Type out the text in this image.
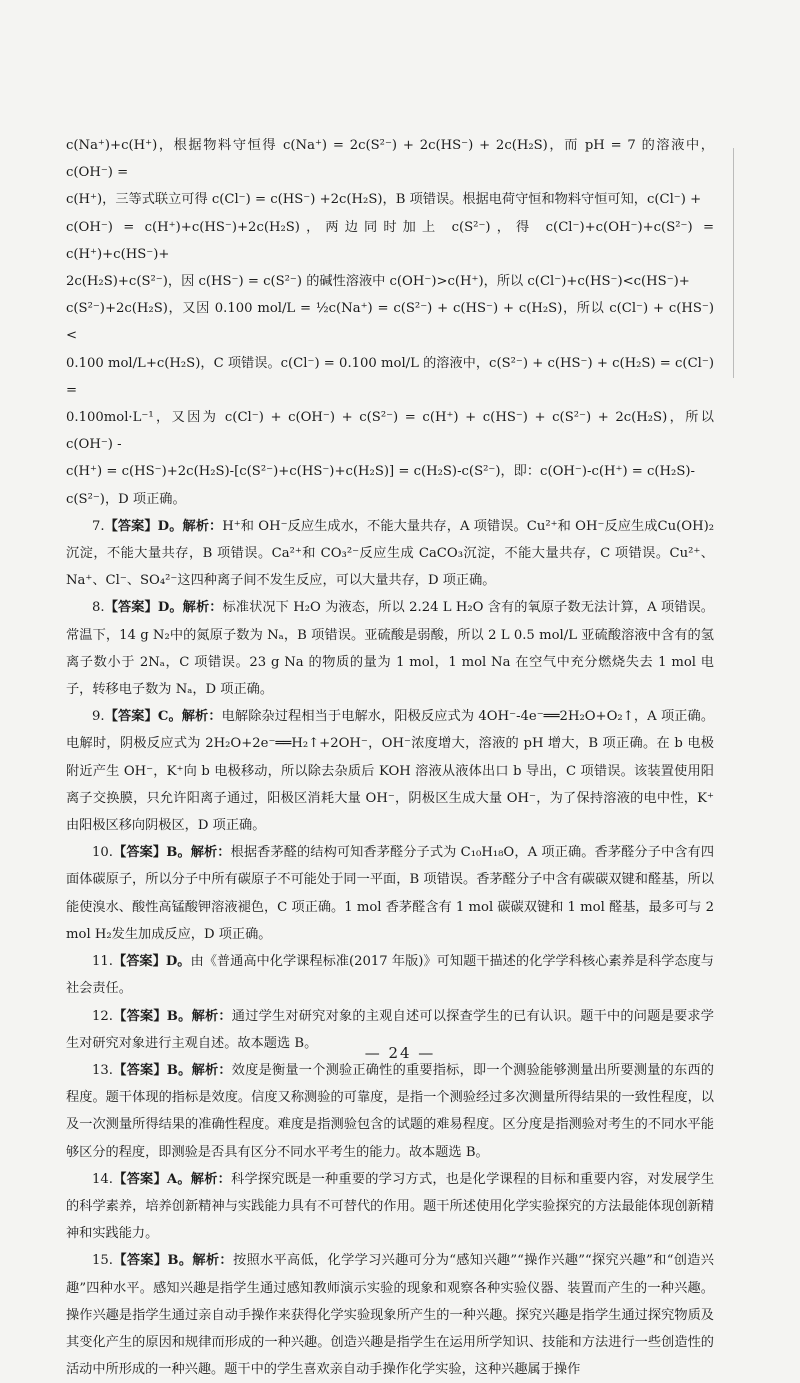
c(Na⁺)+c(H⁺)，根据物料守恒得 c(Na⁺) = 2c(S²⁻) + 2c(HS⁻) + 2c(H₂S)，而 pH = 7 的溶液中，c(OH⁻) =

c(H⁺)，三等式联立可得 c(Cl⁻) = c(HS⁻) +2c(H₂S)，B 项错误。根据电荷守恒和物料守恒可知，c(Cl⁻) +

c(OH⁻) = c(H⁺)+c(HS⁻)+2c(H₂S)，两边同时加上 c(S²⁻)，得 c(Cl⁻)+c(OH⁻)+c(S²⁻) = c(H⁺)+c(HS⁻)+

2c(H₂S)+c(S²⁻)，因 c(HS⁻) = c(S²⁻) 的碱性溶液中 c(OH⁻)>c(H⁺)，所以 c(Cl⁻)+c(HS⁻)<c(HS⁻)+

c(S²⁻)+2c(H₂S)，又因 0.100 mol/L = ½c(Na⁺) = c(S²⁻) + c(HS⁻) + c(H₂S)，所以 c(Cl⁻) + c(HS⁻) <

0.100 mol/L+c(H₂S)，C 项错误。c(Cl⁻) = 0.100 mol/L 的溶液中，c(S²⁻) + c(HS⁻) + c(H₂S) = c(Cl⁻) =

0.100mol·L⁻¹，又因为 c(Cl⁻) + c(OH⁻) + c(S²⁻) = c(H⁺) + c(HS⁻) + c(S²⁻) + 2c(H₂S)，所以 c(OH⁻) -

c(H⁺) = c(HS⁻)+2c(H₂S)-[c(S²⁻)+c(HS⁻)+c(H₂S)] = c(H₂S)-c(S²⁻)，即：c(OH⁻)-c(H⁺) = c(H₂S)-

c(S²⁻)，D 项正确。

7.【答案】D。解析：H⁺和 OH⁻反应生成水，不能大量共存，A 项错误。Cu²⁺和 OH⁻反应生成Cu(OH)₂沉淀，不能大量共存，B 项错误。Ca²⁺和 CO₃²⁻反应生成 CaCO₃沉淀，不能大量共存，C 项错误。Cu²⁺、Na⁺、Cl⁻、SO₄²⁻这四种离子间不发生反应，可以大量共存，D 项正确。

8.【答案】D。解析：标准状况下 H₂O 为液态，所以 2.24 L H₂O 含有的氧原子数无法计算，A 项错误。常温下，14 g N₂中的氮原子数为 Nₐ，B 项错误。亚硫酸是弱酸，所以 2 L 0.5 mol/L 亚硫酸溶液中含有的氢离子数小于 2Nₐ，C 项错误。23 g Na 的物质的量为 1 mol，1 mol Na 在空气中充分燃烧失去 1 mol 电子，转移电子数为 Nₐ，D 项正确。

9.【答案】C。解析：电解除杂过程相当于电解水，阳极反应式为 4OH⁻-4e⁻══2H₂O+O₂↑，A 项正确。电解时，阴极反应式为 2H₂O+2e⁻══H₂↑+2OH⁻，OH⁻浓度增大，溶液的 pH 增大，B 项正确。在 b 电极附近产生 OH⁻，K⁺向 b 电极移动，所以除去杂质后 KOH 溶液从液体出口 b 导出，C 项错误。该装置使用阳离子交换膜，只允许阳离子通过，阳极区消耗大量 OH⁻，阴极区生成大量 OH⁻，为了保持溶液的电中性，K⁺由阳极区移向阴极区，D 项正确。

10.【答案】B。解析：根据香茅醛的结构可知香茅醛分子式为 C₁₀H₁₈O，A 项正确。香茅醛分子中含有四面体碳原子，所以分子中所有碳原子不可能处于同一平面，B 项错误。香茅醛分子中含有碳碳双键和醛基，所以能使溴水、酸性高锰酸钾溶液褪色，C 项正确。1 mol 香茅醛含有 1 mol 碳碳双键和 1 mol 醛基，最多可与 2 mol H₂发生加成反应，D 项正确。

11.【答案】D。由《普通高中化学课程标准(2017 年版)》可知题干描述的化学学科核心素养是科学态度与社会责任。

12.【答案】B。解析：通过学生对研究对象的主观自述可以探查学生的已有认识。题干中的问题是要求学生对研究对象进行主观自述。故本题选 B。

13.【答案】B。解析：效度是衡量一个测验正确性的重要指标，即一个测验能够测量出所要测量的东西的程度。题干体现的指标是效度。信度又称测验的可靠度，是指一个测验经过多次测量所得结果的一致性程度，以及一次测量所得结果的准确性程度。难度是指测验包含的试题的难易程度。区分度是指测验对考生的不同水平能够区分的程度，即测验是否具有区分不同水平考生的能力。故本题选 B。

14.【答案】A。解析：科学探究既是一种重要的学习方式，也是化学课程的目标和重要内容，对发展学生的科学素养，培养创新精神与实践能力具有不可替代的作用。题干所述使用化学实验探究的方法最能体现创新精神和实践能力。

15.【答案】B。解析：按照水平高低，化学学习兴趣可分为“感知兴趣”“操作兴趣”“探究兴趣”和“创造兴趣”四种水平。感知兴趣是指学生通过感知教师演示实验的现象和观察各种实验仪器、装置而产生的一种兴趣。操作兴趣是指学生通过亲自动手操作来获得化学实验现象所产生的一种兴趣。探究兴趣是指学生通过探究物质及其变化产生的原因和规律而形成的一种兴趣。创造兴趣是指学生在运用所学知识、技能和方法进行一些创造性的活动中所形成的一种兴趣。题干中的学生喜欢亲自动手操作化学实验，这种兴趣属于操作

— 24 —
